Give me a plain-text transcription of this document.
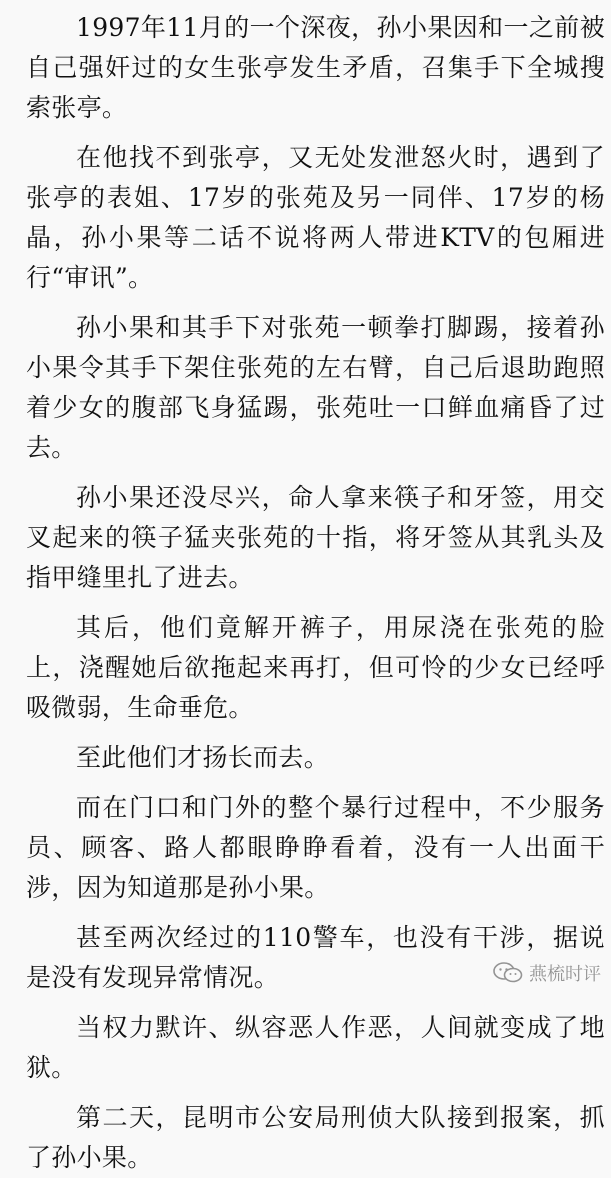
1997年11月的一个深夜，孙小果因和一之前被自己强奸过的女生张亭发生矛盾，召集手下全城搜索张亭。

在他找不到张亭，又无处发泄怒火时，遇到了张亭的表姐、17岁的张苑及另一同伴、17岁的杨晶，孙小果等二话不说将两人带进KTV的包厢进行“审讯”。

孙小果和其手下对张苑一顿拳打脚踢，接着孙小果令其手下架住张苑的左右臂，自己后退助跑照着少女的腹部飞身猛踢，张苑吐一口鲜血痛昏了过去。

孙小果还没尽兴，命人拿来筷子和牙签，用交叉起来的筷子猛夹张苑的十指，将牙签从其乳头及指甲缝里扎了进去。

其后，他们竟解开裤子，用尿浇在张苑的脸上，浇醒她后欲拖起来再打，但可怜的少女已经呼吸微弱，生命垂危。

至此他们才扬长而去。

而在门口和门外的整个暴行过程中，不少服务员、顾客、路人都眼睁睁看着，没有一人出面干涉，因为知道那是孙小果。

甚至两次经过的110警车，也没有干涉，据说是没有发现异常情况。

当权力默许、纵容恶人作恶，人间就变成了地狱。

第二天，昆明市公安局刑侦大队接到报案，抓了孙小果。

燕梳时评
